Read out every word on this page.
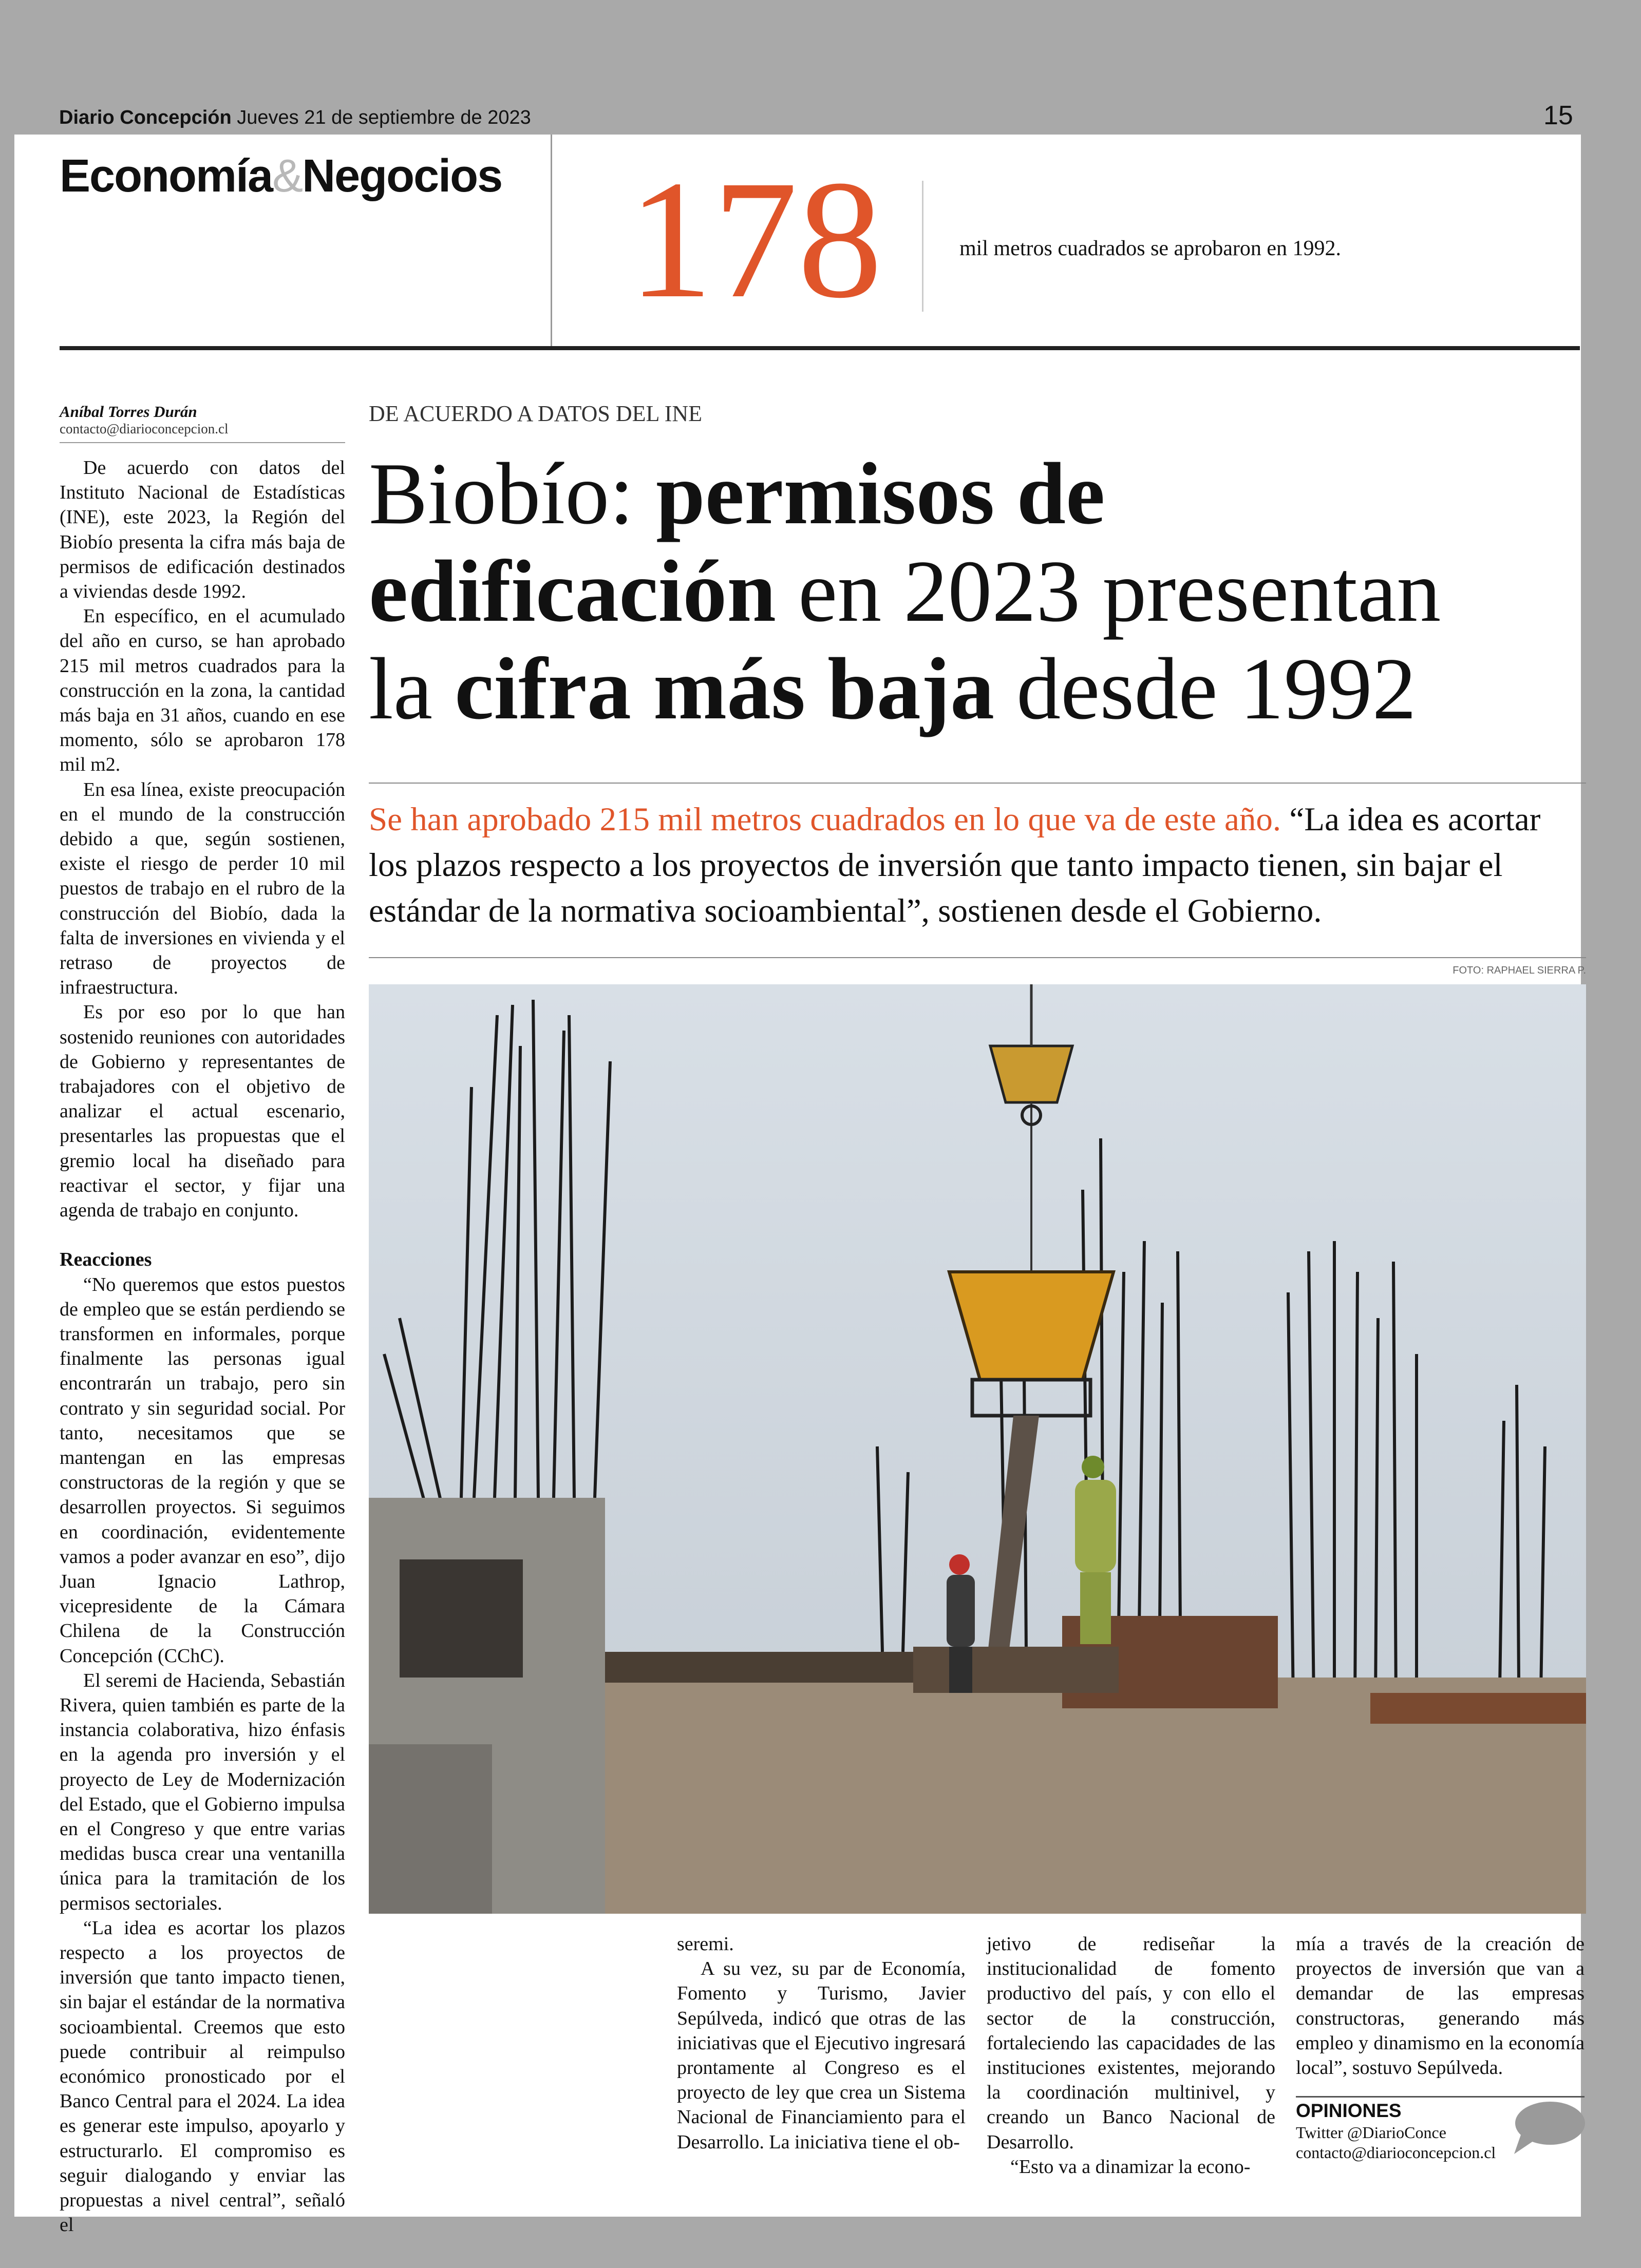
Diario Concepción Jueves 21 de septiembre de 2023	15
Economía&Negocios 178	mil metros cuadrados se aprobaron en 1992.
Aníbal Torres Durán
contacto@diarioconcepcion.cl

De acuerdo con datos del Instituto Nacional de Estadísticas (INE), este 2023, la Región del Biobío presenta la cifra más baja de permisos de edificación destinados a viviendas desde 1992.

En específico, en el acumulado del año en curso, se han aprobado 215 mil metros cuadrados para la construcción en la zona, la cantidad más baja en 31 años, cuando en ese momento, sólo se aprobaron 178 mil m2.

En esa línea, existe preocupación en el mundo de la construcción debido a que, según sostienen, existe el riesgo de perder 10 mil puestos de trabajo en el rubro de la construcción del Biobío, dada la falta de inversiones en vivienda y el retraso de proyectos de infraestructura.

Es por eso por lo que han sostenido reuniones con autoridades de Gobierno y representantes de trabajadores con el objetivo de analizar el actual escenario, presentarles las propuestas que el gremio local ha diseñado para reactivar el sector, y fijar una agenda de trabajo en conjunto.

Reacciones

“No queremos que estos puestos de empleo que se están perdiendo se transformen en informales, porque finalmente las personas igual encontrarán un trabajo, pero sin contrato y sin seguridad social. Por tanto, necesitamos que se mantengan en las empresas constructoras de la región y que se desarrollen proyectos. Si seguimos en coordinación, evidentemente vamos a poder avanzar en eso”, dijo Juan Ignacio Lathrop, vicepresidente de la Cámara Chilena de la Construcción Concepción (CChC).

El seremi de Hacienda, Sebastián Rivera, quien también es parte de la instancia colaborativa, hizo énfasis en la agenda pro inversión y el proyecto de Ley de Modernización del Estado, que el Gobierno impulsa en el Congreso y que entre varias medidas busca crear una ventanilla única para la tramitación de los permisos sectoriales.

“La idea es acortar los plazos respecto a los proyectos de inversión que tanto impacto tienen, sin bajar el estándar de la normativa socioambiental. Creemos que esto puede contribuir al reimpulso económico pronosticado por el Banco Central para el 2024. La idea es generar este impulso, apoyarlo y estructurarlo. El compromiso es seguir dialogando y enviar las propuestas a nivel central”, señaló el

DE ACUERDO A DATOS DEL INE
Biobío: permisos de
edificación en 2023 presentan
la cifra más baja desde 1992
Se han aprobado 215 mil metros cuadrados en lo que va de este año. “La idea es acortar los plazos respecto a los proyectos de inversión que tanto impacto tienen, sin bajar el estándar de la normativa socioambiental”, sostienen desde el Gobierno.
FOTO: RAPHAEL SIERRA P.

seremi.

A su vez, su par de Economía, Fomento y Turismo, Javier Sepúlveda, indicó que otras de las iniciativas que el Ejecutivo ingresará prontamente al Congreso es el proyecto de ley que crea un Sistema Nacional de Financiamiento para el Desarrollo. La iniciativa tiene el ob-

jetivo de rediseñar la institucionalidad de fomento productivo del país, y con ello el sector de la construcción, fortaleciendo las capacidades de las instituciones existentes, mejorando la coordinación multinivel, y creando un Banco Nacional de Desarrollo.

“Esto va a dinamizar la econo-

mía a través de la creación de proyectos de inversión que van a demandar de las empresas constructoras, generando más empleo y dinamismo en la economía local”, sostuvo Sepúlveda.

OPINIONES
Twitter @DiarioConce
contacto@diarioconcepcion.cl
